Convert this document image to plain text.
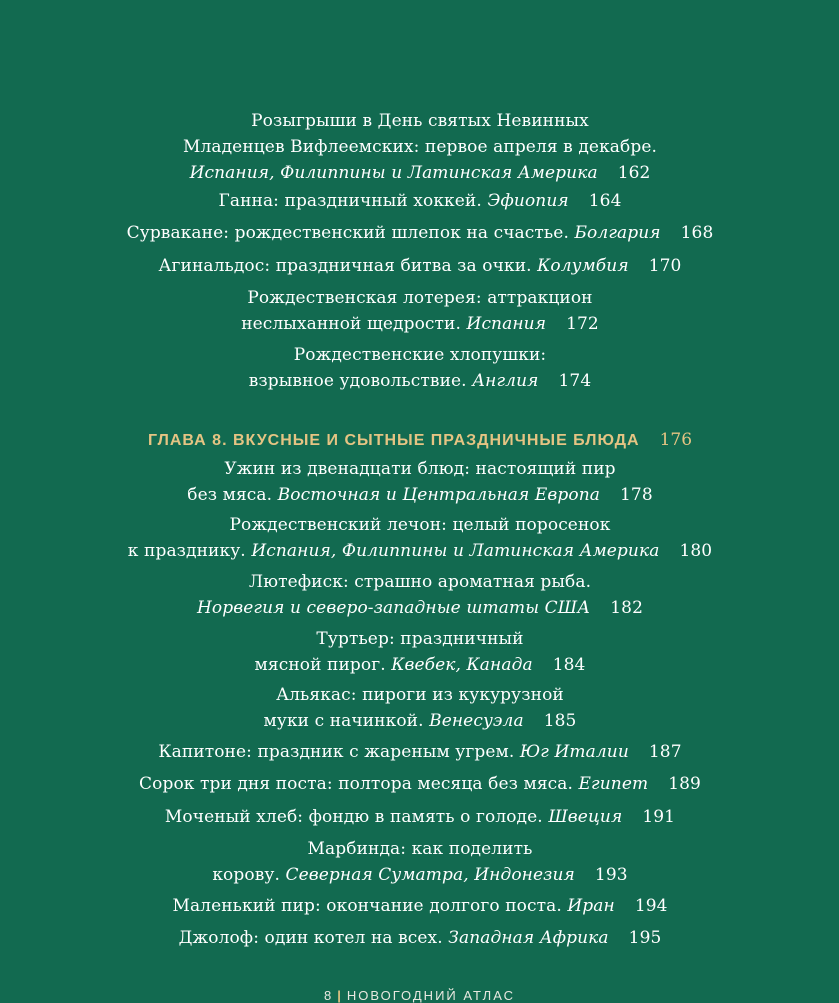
Розыгрыши в День святых Невинных
Младенцев Вифлеемских: первое апреля в декабре.
Испания, Филиппины и Латинская Америка 162
Ганна: праздничный хоккей. Эфиопия 164
Сурвакане: рождественский шлепок на счастье. Болгария 168
Агинальдос: праздничная битва за очки. Колумбия 170
Рождественская лотерея: аттракцион
неслыханной щедрости. Испания 172
Рождественские хлопушки:
взрывное удовольствие. Англия 174
ГЛАВА 8. ВКУСНЫЕ И СЫТНЫЕ ПРАЗДНИЧНЫЕ БЛЮДА 176
Ужин из двенадцати блюд: настоящий пир
без мяса. Восточная и Центральная Европа 178
Рождественский лечон: целый поросенок
к празднику. Испания, Филиппины и Латинская Америка 180
Лютефиск: страшно ароматная рыба.
Норвегия и северо-западные штаты США 182
Туртьер: праздничный
мясной пирог. Квебек, Канада 184
Альякас: пироги из кукурузной
муки с начинкой. Венесуэла 185
Капитоне: праздник с жареным угрем. Юг Италии 187
Сорок три дня поста: полтора месяца без мяса. Египет 189
Моченый хлеб: фондю в память о голоде. Швеция 191
Марбинда: как поделить
корову. Северная Суматра, Индонезия 193
Маленький пир: окончание долгого поста. Иран 194
Джолоф: один котел на всех. Западная Африка 195
8 | НОВОГОДНИЙ АТЛАС
